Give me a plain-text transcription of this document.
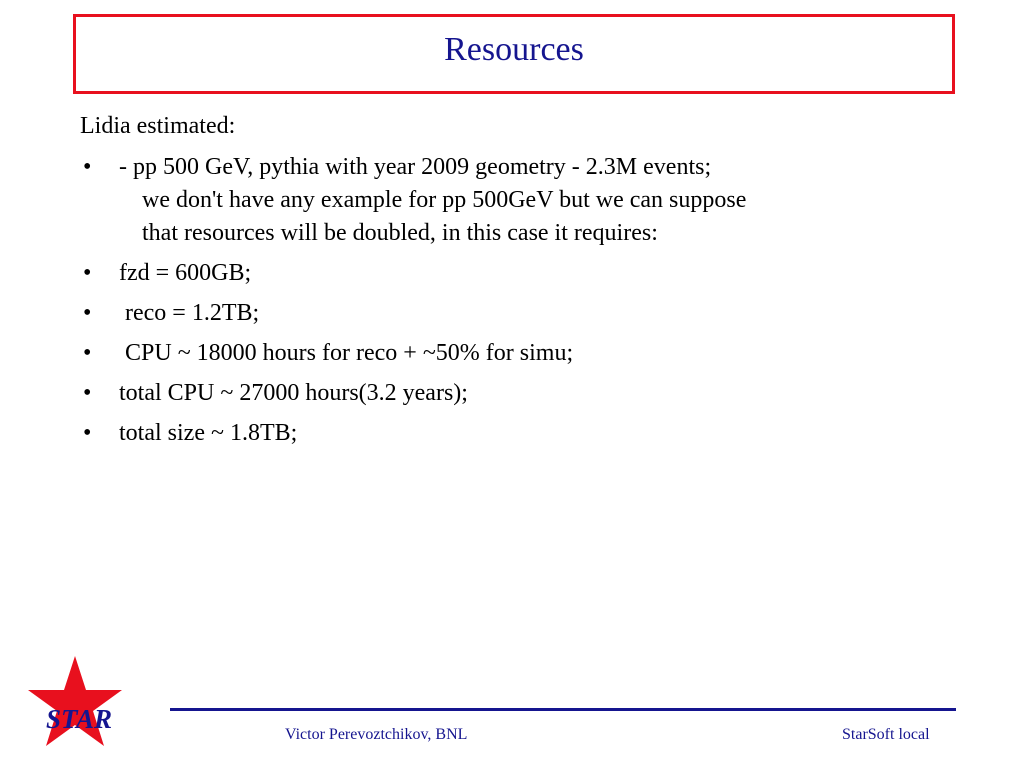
Resources
Lidia estimated:
• - pp 500 GeV, pythia with year 2009 geometry - 2.3M events;
we don't have any example for pp 500GeV but we can suppose
that resources will be doubled, in this case it requires:
• fzd = 600GB;
• reco = 1.2TB;
• CPU ~ 18000 hours for reco + ~50% for simu;
• total CPU ~ 27000 hours(3.2 years);
• total size ~ 1.8TB;
STAR
Victor Perevoztchikov, BNL	StarSoft local
